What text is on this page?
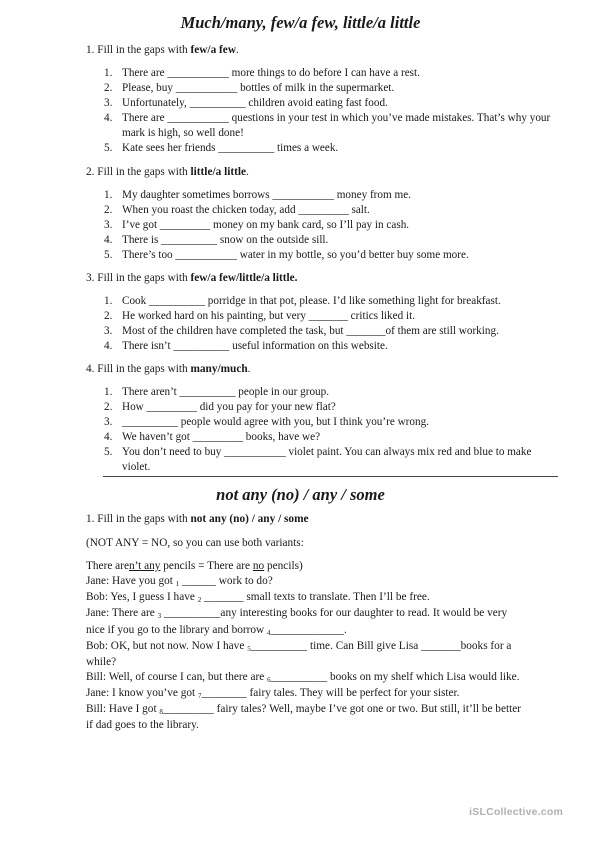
Much/many, few/a few, little/a little

1. Fill in the gaps with few/a few.

1. There are ___________ more things to do before I can have a rest.
2. Please, buy ___________ bottles of milk in the supermarket.
3. Unfortunately, __________ children avoid eating fast food.
4. There are ___________ questions in your test in which you’ve made mistakes. That’s why your mark is high, so well done!
5. Kate sees her friends __________ times a week.

2. Fill in the gaps with little/a little.

1. My daughter sometimes borrows ___________ money from me.
2. When you roast the chicken today, add _________ salt.
3. I’ve got _________ money on my bank card, so I’ll pay in cash.
4. There is __________ snow on the outside sill.
5. There’s too ___________ water in my bottle, so you’d better buy some more.

3. Fill in the gaps with few/a few/little/a little.

1. Cook __________ porridge in that pot, please. I’d like something light for breakfast.
2. He worked hard on his painting, but very _______ critics liked it.
3. Most of the children have completed the task, but _______of them are still working.
4. There isn’t __________ useful information on this website.

4. Fill in the gaps with many/much.

1. There aren’t __________ people in our group.
2. How _________ did you pay for your new flat?
3. __________ people would agree with you, but I think you’re wrong.
4. We haven’t got _________ books, have we?
5. You don’t need to buy ___________ violet paint. You can always mix red and blue to make violet.
not any (no) / any / some

1. Fill in the gaps with not any (no) / any / some

(NOT ANY = NO, so you can use both variants:

There aren’t any pencils = There are no pencils)

Jane: Have you got $_1$ ______ work to do?

Bob: Yes, I guess I have $_2$ _______ small texts to translate. Then I’ll be free.

Jane: There are $_3$ __________any interesting books for our daughter to read. It would be very

nice if you go to the library and borrow $_4$_____________.

Bob: OK, but not now. Now I have $_5$__________ time. Can Bill give Lisa _______books for a

while?

Bill: Well, of course I can, but there are $_6$__________ books on my shelf which Lisa would like.

Jane: I know you’ve got $_7$________ fairy tales. They will be perfect for your sister.

Bill: Have I got $_8$_________ fairy tales? Well, maybe I’ve got one or two. But still, it’ll be better

if dad goes to the library.

iSLCollective.com
